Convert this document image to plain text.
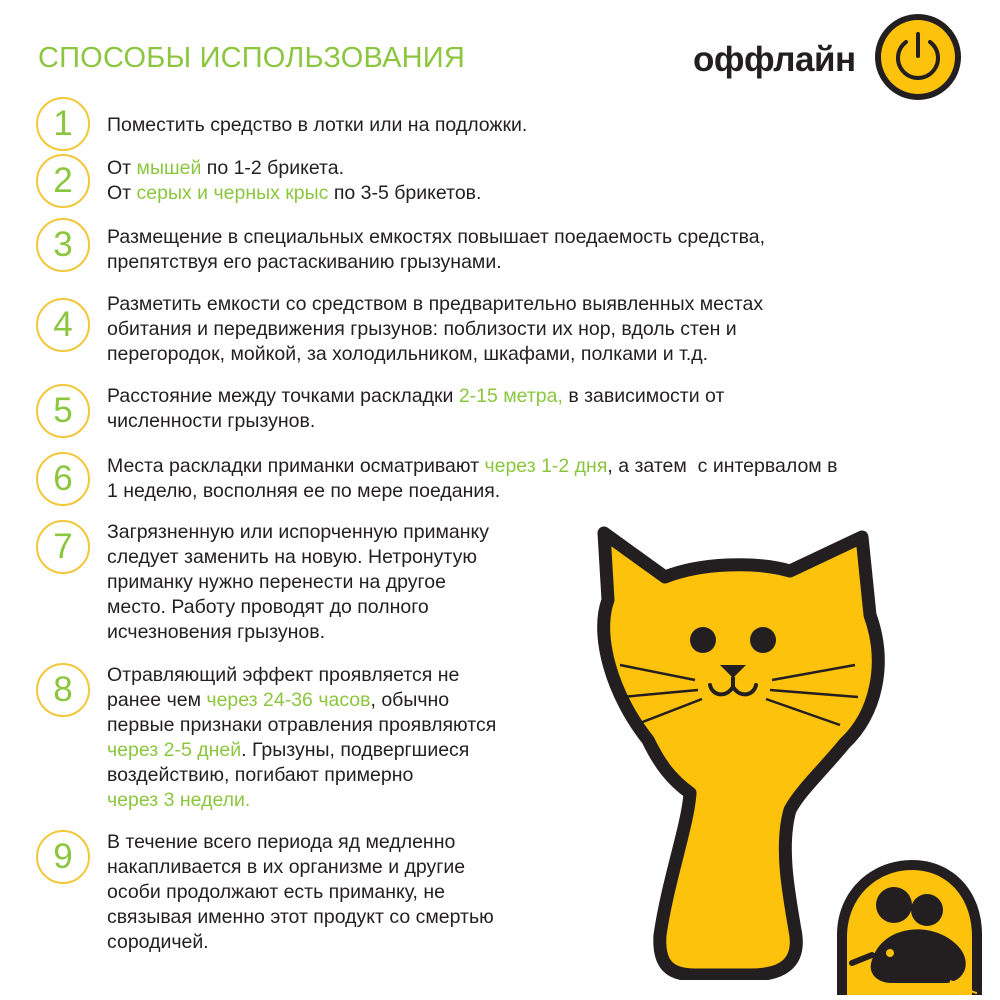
СПОСОБЫ ИСПОЛЬЗОВАНИЯ	оффлайн
1	Поместить средство в лотки или на подложки.
2	От мышей по 1-2 брикета.
От серых и черных крыс по 3-5 брикетов.
3	Размещение в специальных емкостях повышает поедаемость средства,
препятствуя его растаскиванию грызунами.
4
Разметить емкости со средством в предварительно выявленных местах
обитания и передвижения грызунов: поблизости их нор, вдоль стен и
перегородок, мойкой, за холодильником, шкафами, полками и т.д.
5	Расстояние между точками раскладки 2-15 метра, в зависимости от
численности грызунов.
6	Места раскладки приманки осматривают через 1-2 дня, а затем  с интервалом в
1 неделю, восполняя ее по мере поедания.
7	Загрязненную или испорченную приманку
следует заменить на новую. Нетронутую
приманку нужно перенести на другое
место. Работу проводят до полного
исчезновения грызунов.
8	Отравляющий эффект проявляется не
ранее чем через 24-36 часов, обычно
первые признаки отравления проявляются
через 2-5 дней. Грызуны, подвергшиеся
воздействию, погибают примерно
через 3 недели.
9	В течение всего периода яд медленно
накапливается в их организме и другие
особи продолжают есть приманку, не
связывая именно этот продукт со смертью
сородичей.
